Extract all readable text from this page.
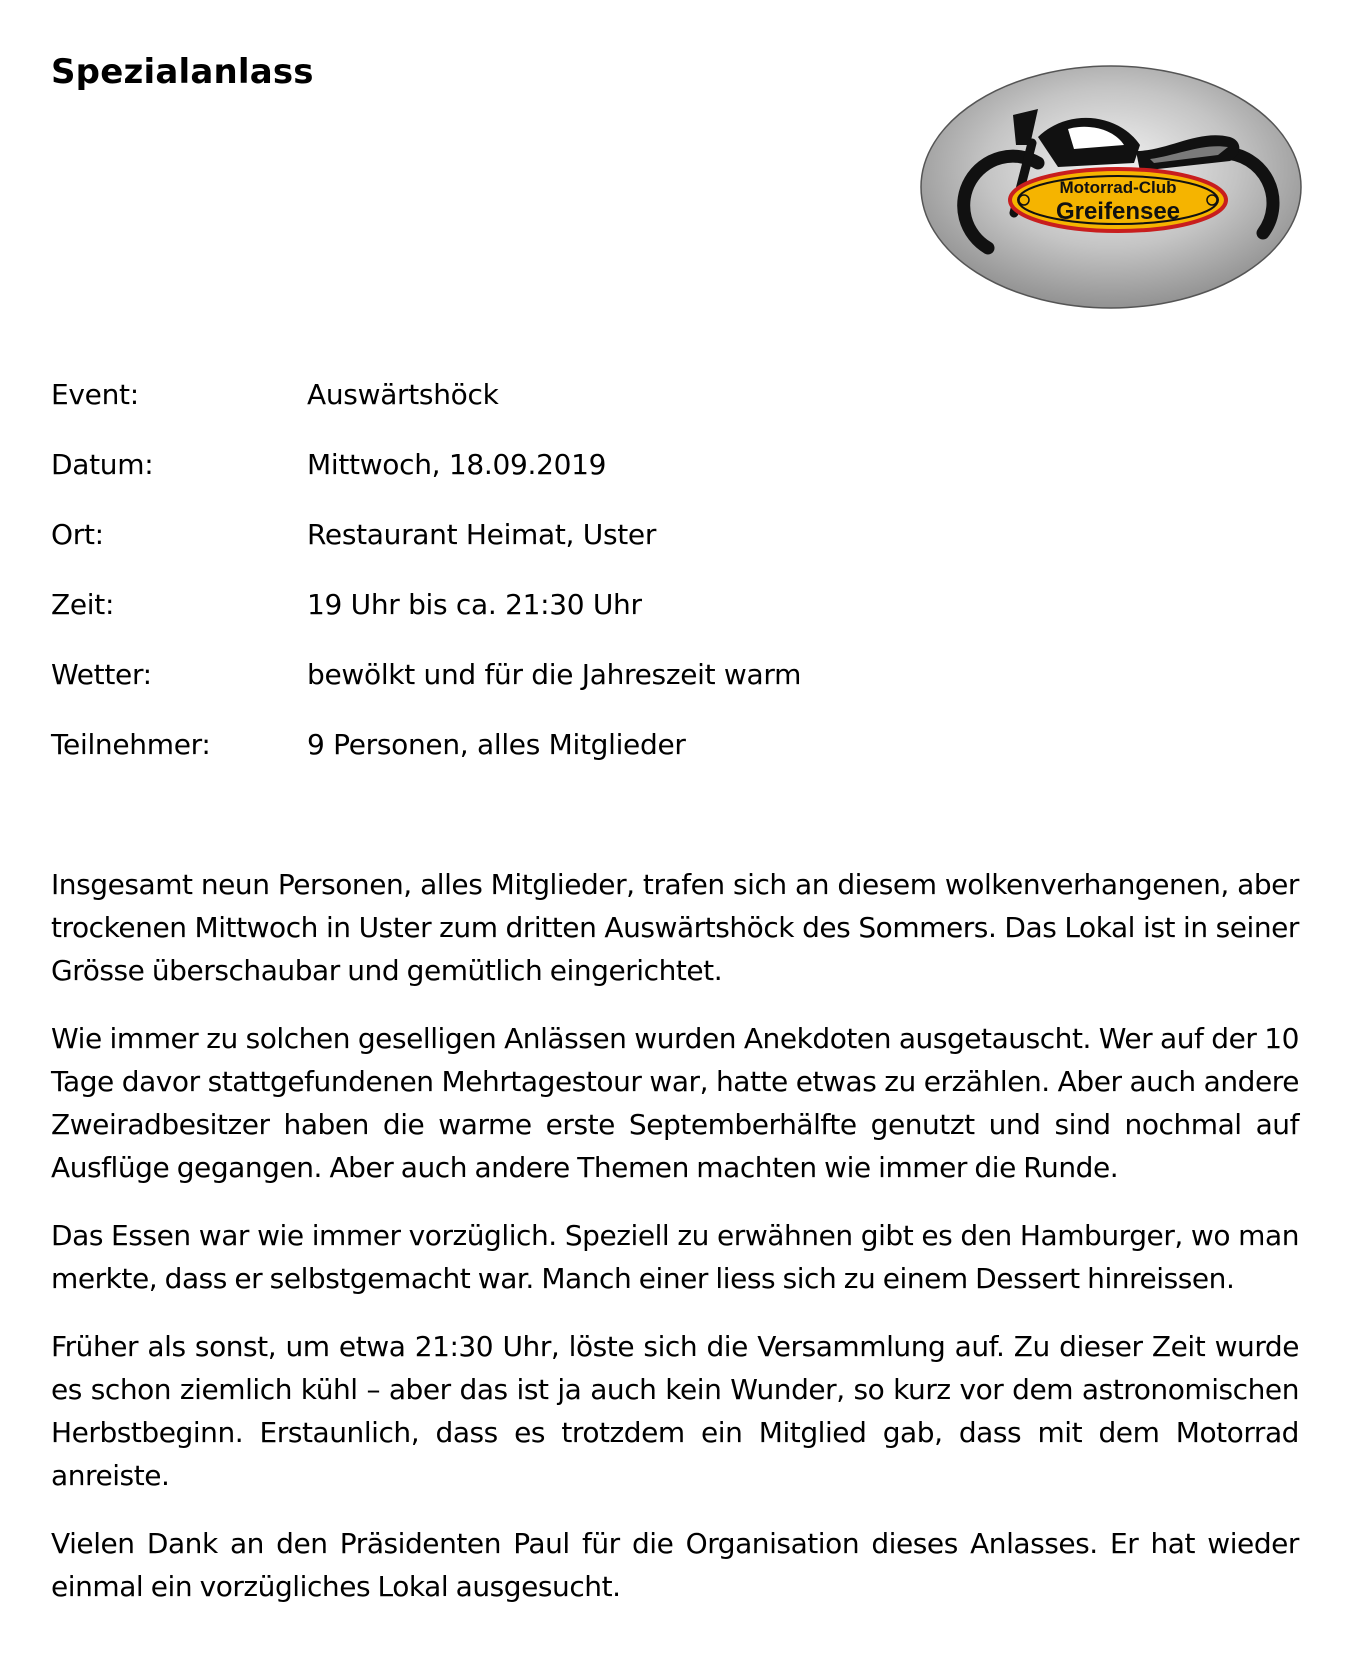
Spezialanlass
Motorrad-Club
Greifensee
Event:	Auswärtshöck
Datum:	Mittwoch, 18.09.2019
Ort:	Restaurant Heimat, Uster
Zeit:	19 Uhr bis ca. 21:30 Uhr
Wetter:	bewölkt und für die Jahreszeit warm
Teilnehmer:	9 Personen, alles Mitglieder

Insgesamt neun Personen, alles Mitglieder, trafen sich an diesem wolkenverhangenen, aber trockenen Mittwoch in Uster zum dritten Auswärtshöck des Sommers. Das Lokal ist in seiner Grösse überschaubar und gemütlich eingerichtet.

Wie immer zu solchen geselligen Anlässen wurden Anekdoten ausgetauscht. Wer auf der 10 Tage davor stattgefundenen Mehrtagestour war, hatte etwas zu erzählen. Aber auch andere Zweiradbesitzer haben die warme erste Septemberhälfte genutzt und sind nochmal auf Ausflüge gegangen. Aber auch andere Themen machten wie immer die Runde.

Das Essen war wie immer vorzüglich. Speziell zu erwähnen gibt es den Hamburger, wo man merkte, dass er selbstgemacht war. Manch einer liess sich zu einem Dessert hinreissen.

Früher als sonst, um etwa 21:30 Uhr, löste sich die Versammlung auf. Zu dieser Zeit wurde es schon ziemlich kühl – aber das ist ja auch kein Wunder, so kurz vor dem astronomischen Herbstbeginn. Erstaunlich, dass es trotzdem ein Mitglied gab, dass mit dem Motorrad anreiste.

Vielen Dank an den Präsidenten Paul für die Organisation dieses Anlasses. Er hat wieder einmal ein vorzügliches Lokal ausgesucht.
